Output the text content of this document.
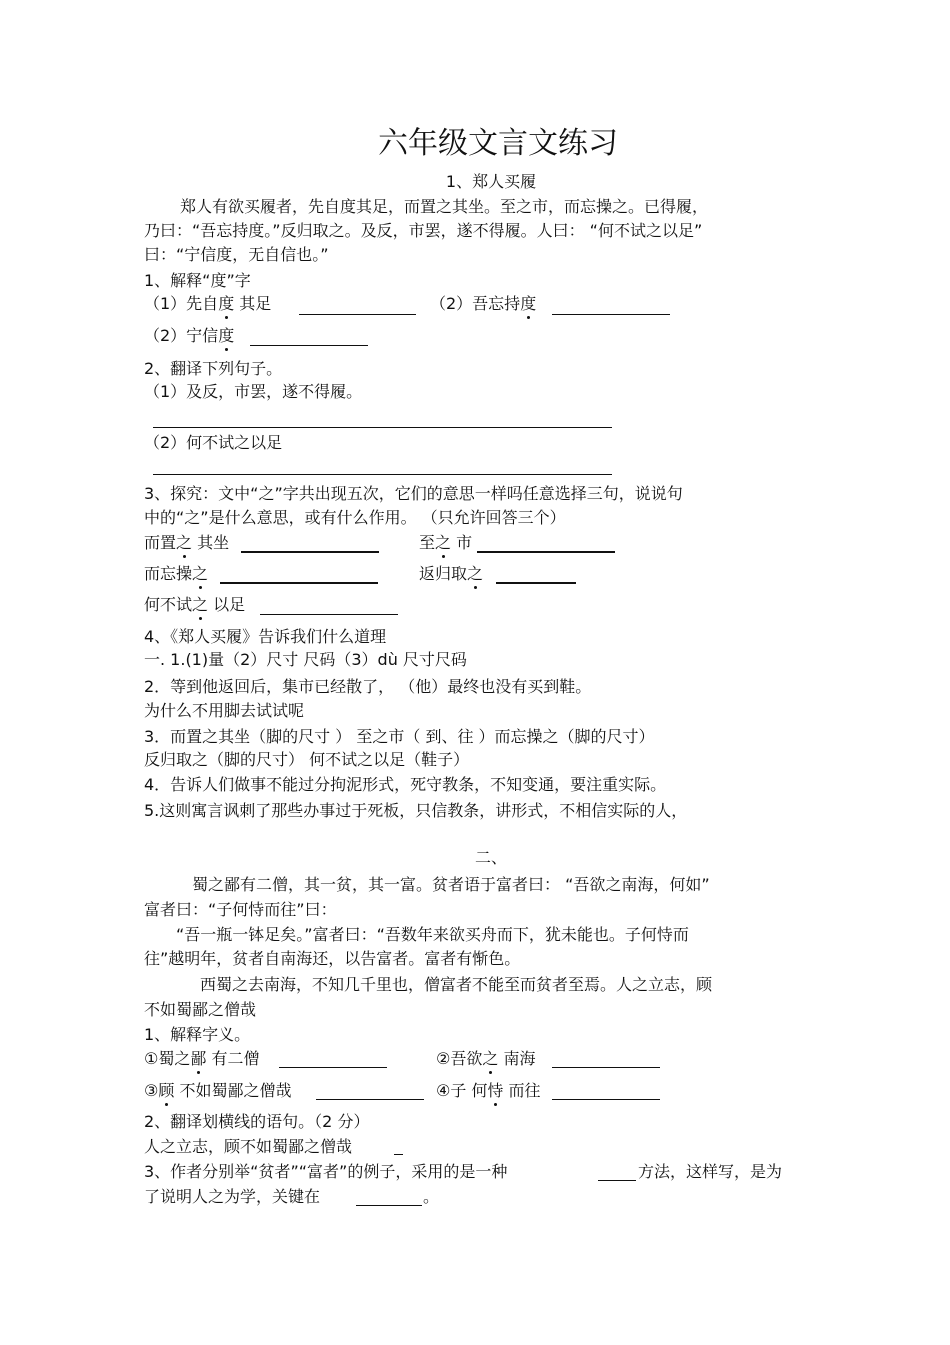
六年级文言文练习
1、郑人买履
郑人有欲买履者，先自度其足，而置之其坐。至之市，而忘操之。已得履，
乃曰：“吾忘持度。”反归取之。及反，市罢，遂不得履。人曰： “何不试之以足”
曰：“宁信度，无自信也。”
1、解释“度”字
（1）先自度 其足	（2）吾忘持度
（2）宁信度
2、翻译下列句子。
（1）及反，市罢，遂不得履。
（2）何不试之以足
3、探究：文中“之”字共出现五次，它们的意思一样吗任意选择三句，说说句
中的“之”是什么意思，或有什么作用。 （只允许回答三个）
而置之 其坐	至之 市
而忘操之	返归取之
何不试之 以足
4、《郑人买履》告诉我们什么道理
一. 1.(1)量（2）尺寸 尺码（3）dù 尺寸尺码
2．等到他返回后，集市已经散了， （他）最终也没有买到鞋。
为什么不用脚去试试呢
3．而置之其坐（脚的尺寸 ） 至之市（ 到、往 ）而忘操之（脚的尺寸）
反归取之（脚的尺寸） 何不试之以足（鞋子）
4．告诉人们做事不能过分拘泥形式，死守教条，不知变通，要注重实际。
5.这则寓言讽刺了那些办事过于死板，只信教条，讲形式，不相信实际的人，
二、
蜀之鄙有二僧，其一贫，其一富。贫者语于富者曰： “吾欲之南海，何如”
富者曰：“子何恃而往”曰：
“吾一瓶一钵足矣。”富者曰：“吾数年来欲买舟而下，犹未能也。子何恃而
往”越明年，贫者自南海还，以告富者。富者有惭色。
西蜀之去南海，不知几千里也，僧富者不能至而贫者至焉。人之立志，顾
不如蜀鄙之僧哉
1、解释字义。
①蜀之鄙 有二僧	②吾欲之 南海
③顾 不如蜀鄙之僧哉	④子 何恃 而往
2、翻译划横线的语句。（2 分）
人之立志，顾不如蜀鄙之僧哉
3、作者分别举“贫者”“富者”的例子，采用的是一种	方法，这样写，是为
了说明人之为学，关键在	。
